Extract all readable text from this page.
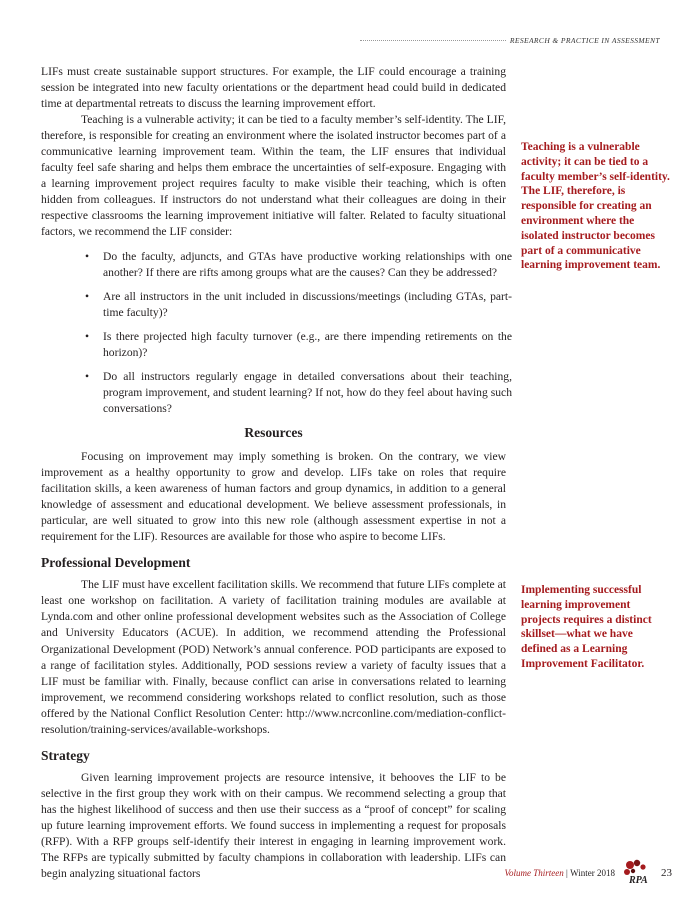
RESEARCH & PRACTICE IN ASSESSMENT

LIFs must create sustainable support structures. For example, the LIF could encourage a training session be integrated into new faculty orientations or the department head could build in dedicated time at departmental retreats to discuss the learning improvement effort.

Teaching is a vulnerable activity; it can be tied to a faculty member’s self-identity. The LIF, therefore, is responsible for creating an environment where the isolated instructor becomes part of a communicative learning improvement team. Within the team, the LIF ensures that individual faculty feel safe sharing and helps them embrace the uncertainties of self-exposure. Engaging with a learning improvement project requires faculty to make visible their teaching, which is often hidden from colleagues. If instructors do not understand what their colleagues are doing in their respective classrooms the learning improvement initiative will falter. Related to faculty situational factors, we recommend the LIF consider:

• Do the faculty, adjuncts, and GTAs have productive working relationships with one another? If there are rifts among groups what are the causes? Can they be addressed?
• Are all instructors in the unit included in discussions/meetings (including GTAs, part-time faculty)?
• Is there projected high faculty turnover (e.g., are there impending retirements on the horizon)?
• Do all instructors regularly engage in detailed conversations about their teaching, program improvement, and student learning? If not, how do they feel about having such conversations?
Resources

Focusing on improvement may imply something is broken. On the contrary, we view improvement as a healthy opportunity to grow and develop. LIFs take on roles that require facilitation skills, a keen awareness of human factors and group dynamics, in addition to a general knowledge of assessment and educational development. We believe assessment professionals, in particular, are well situated to grow into this new role (although assessment expertise in not a requirement for the LIF). Resources are available for those who aspire to become LIFs.

Professional Development

The LIF must have excellent facilitation skills. We recommend that future LIFs complete at least one workshop on facilitation. A variety of facilitation training modules are available at Lynda.com and other online professional development websites such as the Association of College and University Educators (ACUE). In addition, we recommend attending the Professional Organizational Development (POD) Network’s annual conference. POD participants are exposed to a range of facilitation styles. Additionally, POD sessions review a variety of faculty issues that a LIF must be familiar with. Finally, because conflict can arise in conversations related to learning improvement, we recommend considering workshops related to conflict resolution, such as those offered by the National Conflict Resolution Center: http://www.ncrconline.com/mediation-conflict-resolution/training-services/available-workshops.

Strategy

Given learning improvement projects are resource intensive, it behooves the LIF to be selective in the first group they work with on their campus. We recommend selecting a group that has the highest likelihood of success and then use their success as a “proof of concept” for scaling up future learning improvement efforts. We found success in implementing a request for proposals (RFP). With a RFP groups self-identify their interest in engaging in learning improvement work. The RFPs are typically submitted by faculty champions in collaboration with leadership. LIFs can begin analyzing situational factors

Teaching is a vulnerable activity; it can be tied to a faculty member’s self-identity. The LIF, therefore, is responsible for creating an environment where the isolated instructor becomes part of a communicative learning improvement team.

Implementing successful learning improvement projects requires a distinct skillset—what we have defined as a Learning Improvement Facilitator.

Volume Thirteen | Winter 2018
RPA
23
